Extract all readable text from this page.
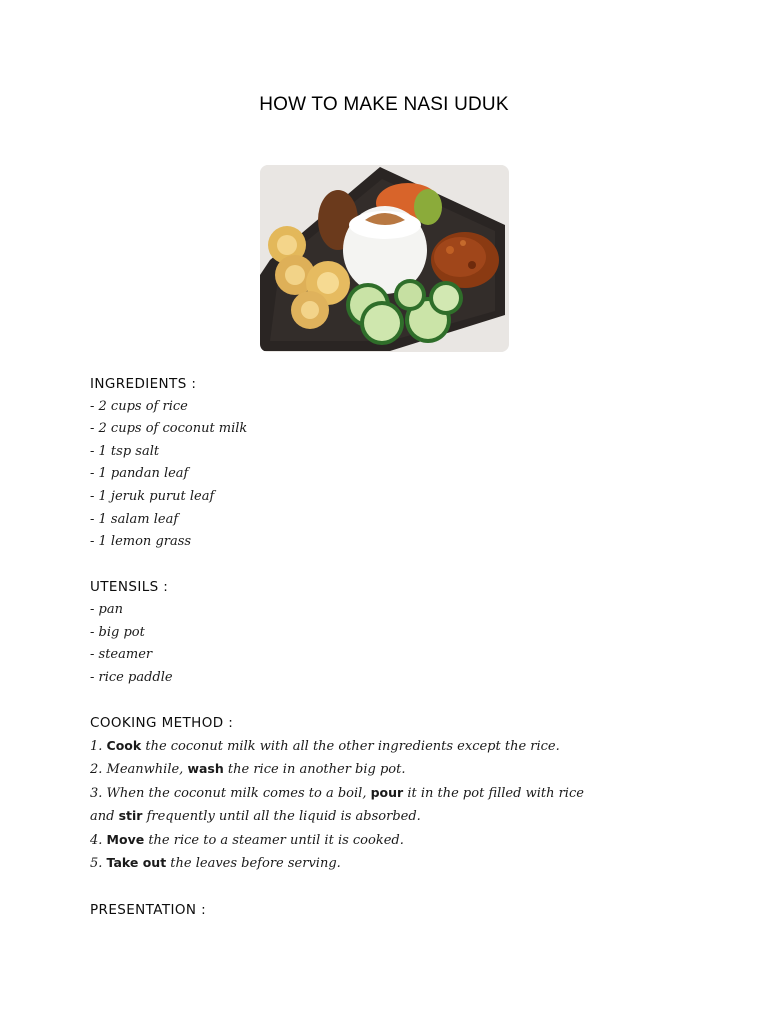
HOW TO MAKE NASI UDUK
INGREDIENTS :
- 2 cups of rice
- 2 cups of coconut milk
- 1 tsp salt
- 1 pandan leaf
- 1 jeruk purut leaf
- 1 salam leaf
- 1 lemon grass
UTENSILS :
- pan
- big pot
- steamer
- rice paddle
COOKING METHOD :
1. Cook the coconut milk with all the other ingredients except the rice.
2. Meanwhile, wash the rice in another big pot.
3. When the coconut milk comes to a boil, pour it in the pot filled with rice
and stir frequently until all the liquid is absorbed.
4. Move the rice to a steamer until it is cooked.
5. Take out the leaves before serving.
PRESENTATION :
